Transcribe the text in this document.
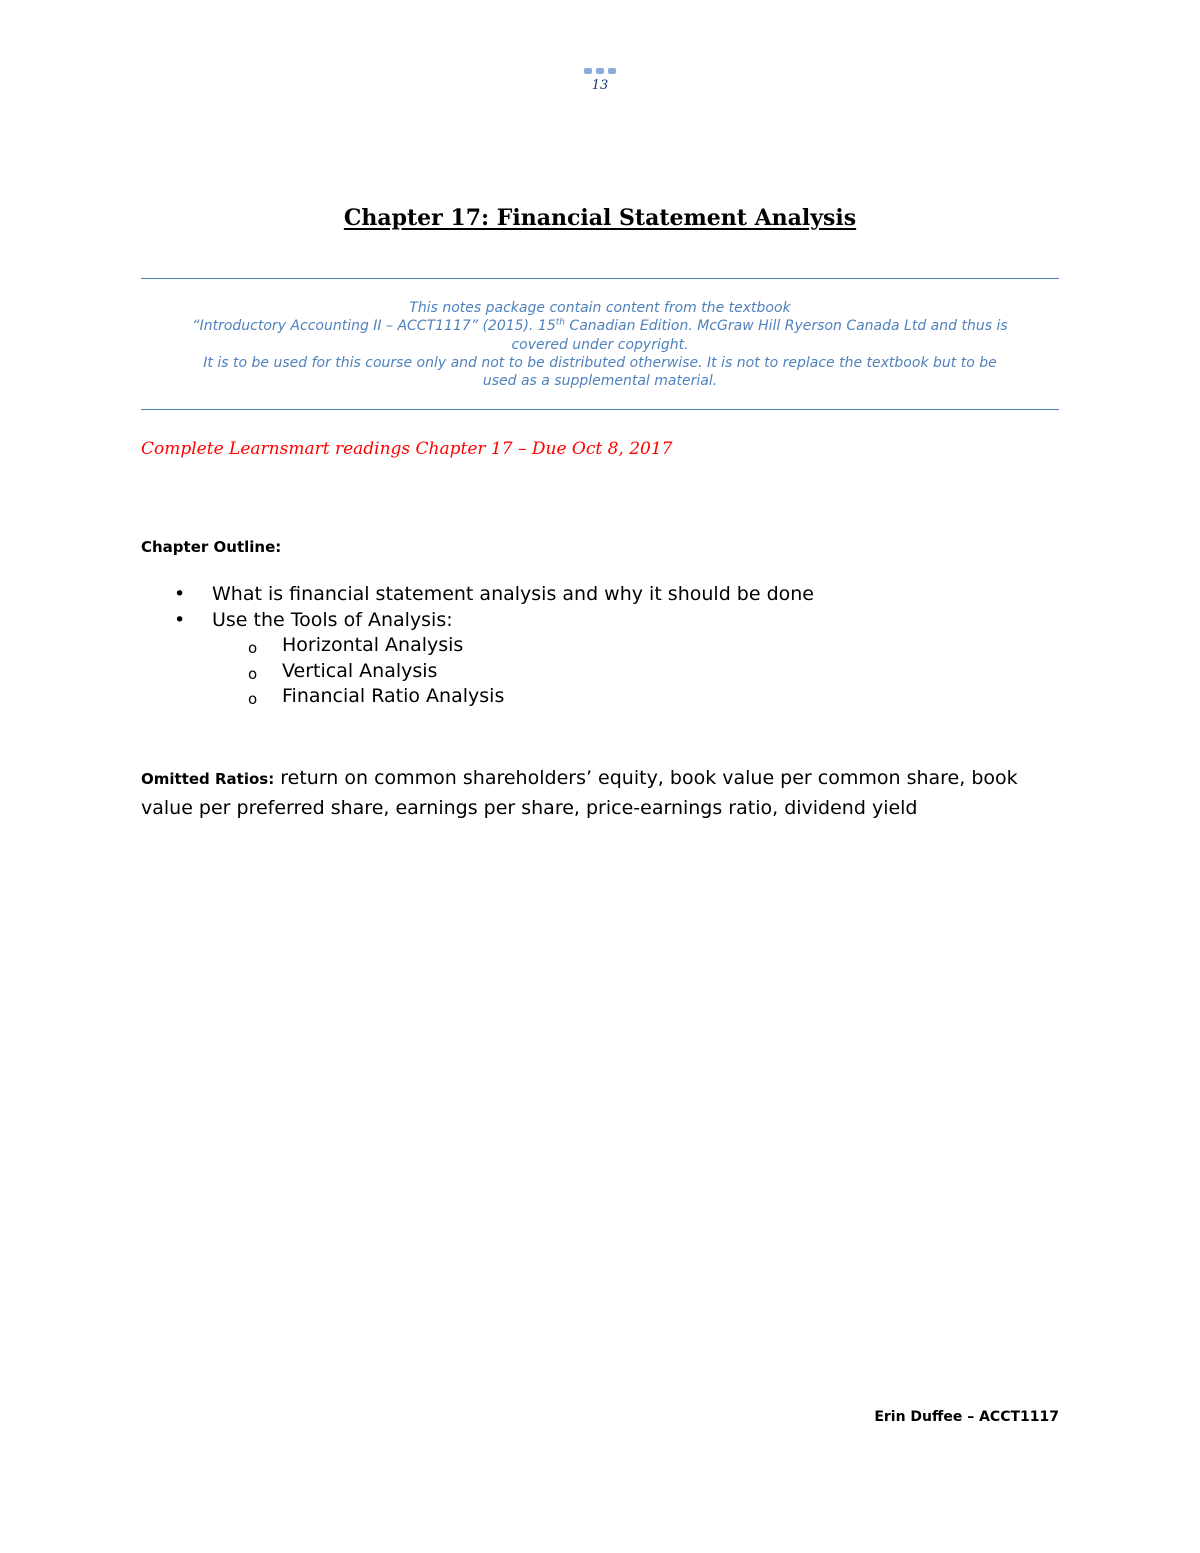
13
Chapter 17: Financial Statement Analysis
This notes package contain content from the textbook
“Introductory Accounting II – ACCT1117” (2015). 15th Canadian Edition. McGraw Hill Ryerson Canada Ltd and thus is
covered under copyright.
It is to be used for this course only and not to be distributed otherwise. It is not to replace the textbook but to be
used as a supplemental material.
Complete Learnsmart readings Chapter 17 – Due Oct 8, 2017
Chapter Outline:
• What is financial statement analysis and why it should be done
• Use the Tools of Analysis:
o Horizontal Analysis
o Vertical Analysis
o Financial Ratio Analysis
Omitted Ratios: return on common shareholders’ equity, book value per common share, book value per preferred share, earnings per share, price-earnings ratio, dividend yield
Erin Duffee – ACCT1117
